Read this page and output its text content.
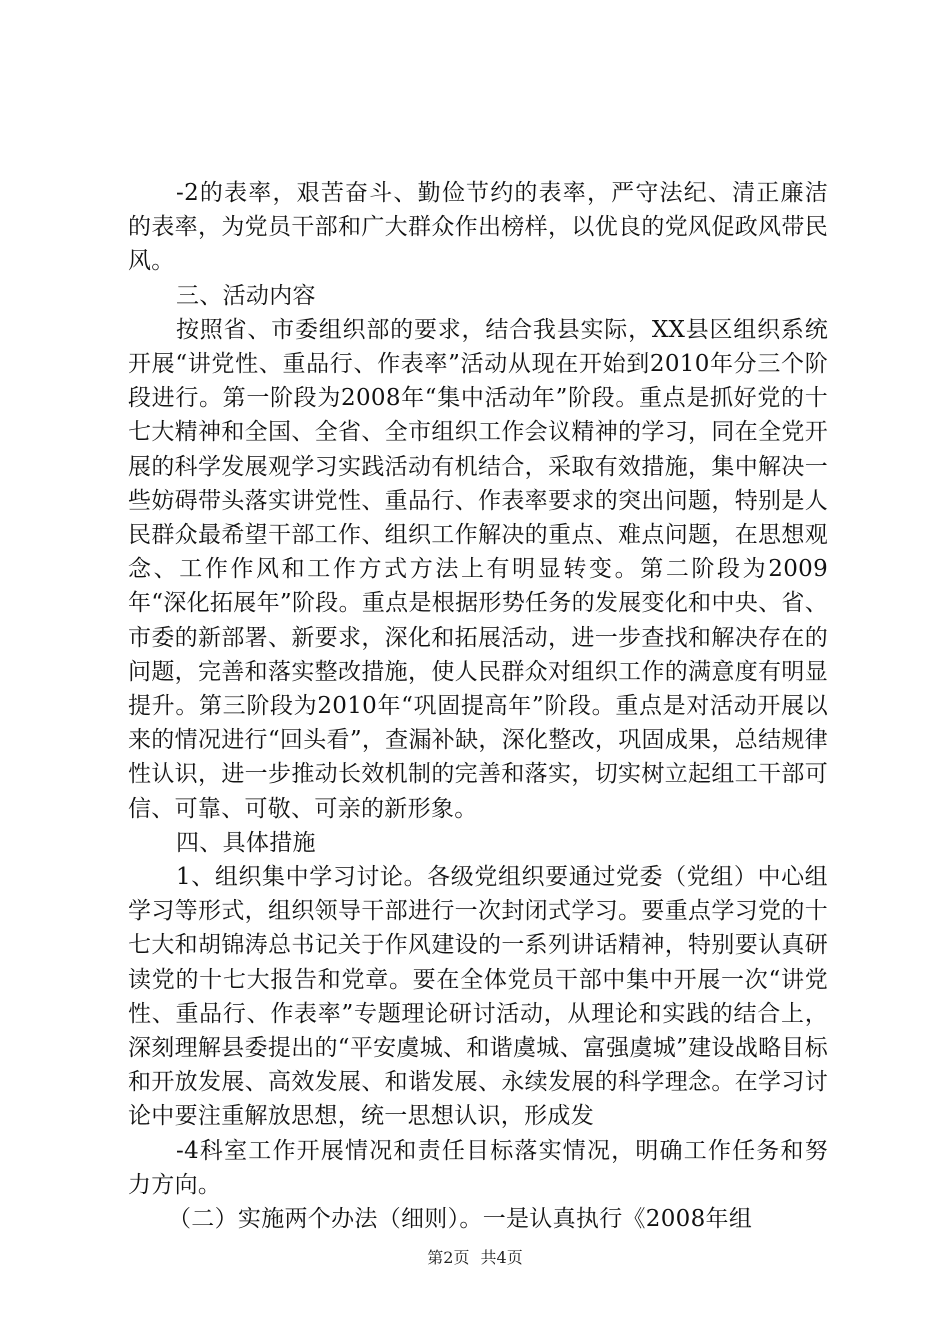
-2的表率，艰苦奋斗、勤俭节约的表率，严守法纪、清正廉洁的表率，为党员干部和广大群众作出榜样，以优良的党风促政风带民风。

三、活动内容

按照省、市委组织部的要求，结合我县实际，XX县区组织系统开展“讲党性、重品行、作表率”活动从现在开始到2010年分三个阶段进行。第一阶段为2008年“集中活动年”阶段。重点是抓好党的十七大精神和全国、全省、全市组织工作会议精神的学习，同在全党开展的科学发展观学习实践活动有机结合，采取有效措施，集中解决一些妨碍带头落实讲党性、重品行、作表率要求的突出问题，特别是人民群众最希望干部工作、组织工作解决的重点、难点问题，在思想观念、工作作风和工作方式方法上有明显转变。第二阶段为2009年“深化拓展年”阶段。重点是根据形势任务的发展变化和中央、省、市委的新部署、新要求，深化和拓展活动，进一步查找和解决存在的问题，完善和落实整改措施，使人民群众对组织工作的满意度有明显提升。第三阶段为2010年“巩固提高年”阶段。重点是对活动开展以来的情况进行“回头看”，查漏补缺，深化整改，巩固成果，总结规律性认识，进一步推动长效机制的完善和落实，切实树立起组工干部可信、可靠、可敬、可亲的新形象。

四、具体措施

1、组织集中学习讨论。各级党组织要通过党委（党组）中心组学习等形式，组织领导干部进行一次封闭式学习。要重点学习党的十七大和胡锦涛总书记关于作风建设的一系列讲话精神，特别要认真研读党的十七大报告和党章。要在全体党员干部中集中开展一次“讲党性、重品行、作表率”专题理论研讨活动，从理论和实践的结合上，深刻理解县委提出的“平安虞城、和谐虞城、富强虞城”建设战略目标和开放发展、高效发展、和谐发展、永续发展的科学理念。在学习讨论中要注重解放思想，统一思想认识，形成发

-4科室工作开展情况和责任目标落实情况，明确工作任务和努力方向。

（二）实施两个办法（细则）。一是认真执行《2008年组

第2页 共4页
